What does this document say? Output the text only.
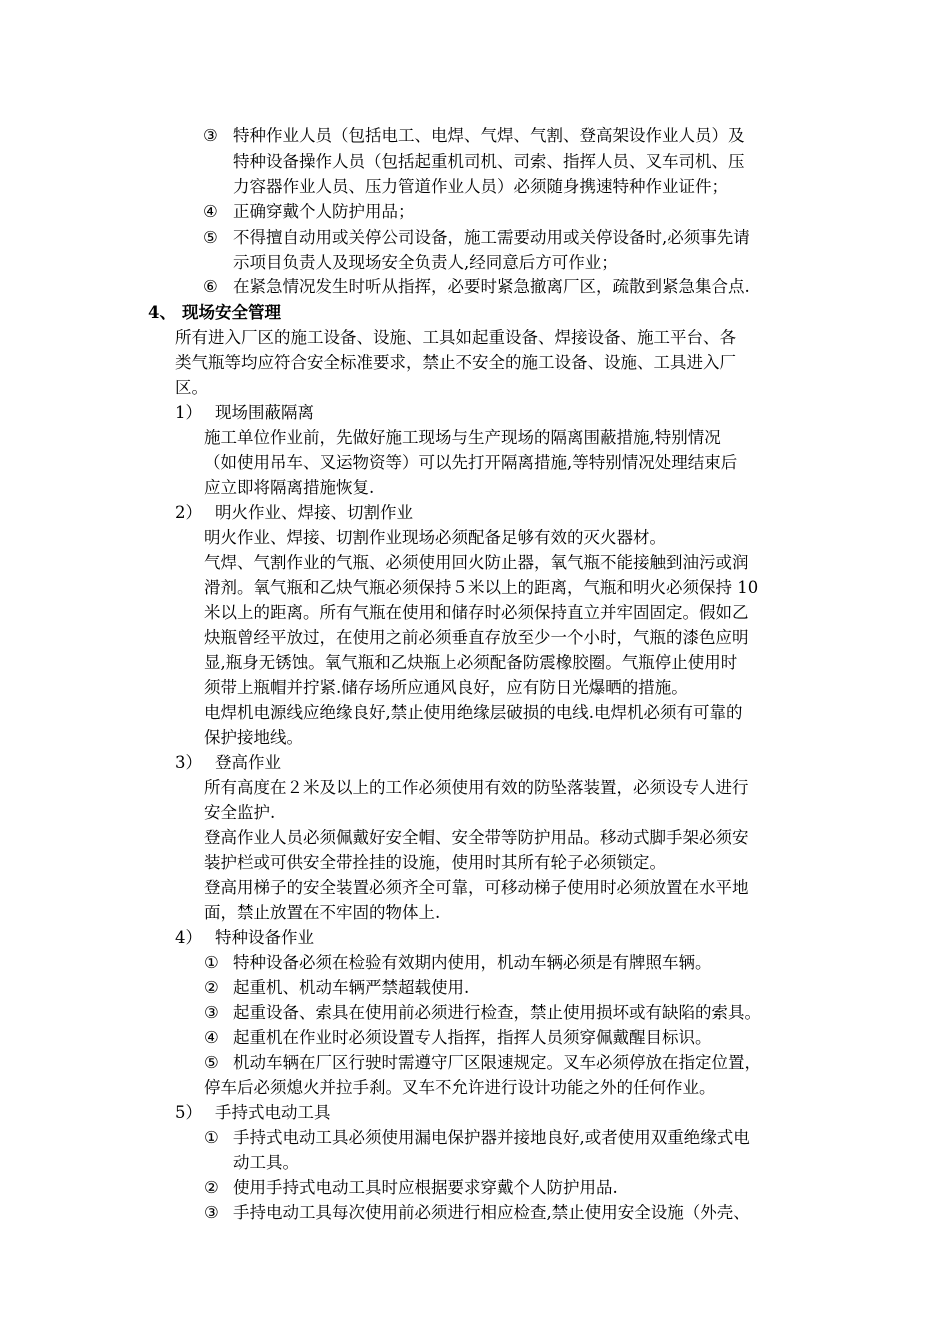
③ 特种作业人员（包括电工、电焊、气焊、气割、登高架设作业人员）及
特种设备操作人员（包括起重机司机、司索、指挥人员、叉车司机、压
力容器作业人员、压力管道作业人员）必须随身携速特种作业证件；
④ 正确穿戴个人防护用品；
⑤ 不得擅自动用或关停公司设备，施工需要动用或关停设备时,必须事先请
示项目负责人及现场安全负责人,经同意后方可作业；
⑥ 在紧急情况发生时听从指挥，必要时紧急撤离厂区，疏散到紧急集合点.
4、 现场安全管理
所有进入厂区的施工设备、设施、工具如起重设备、焊接设备、施工平台、各
类气瓶等均应符合安全标准要求，禁止不安全的施工设备、设施、工具进入厂
区。
1） 现场围蔽隔离
施工单位作业前，先做好施工现场与生产现场的隔离围蔽措施,特别情况
（如使用吊车、叉运物资等）可以先打开隔离措施,等特别情况处理结束后
应立即将隔离措施恢复.
2） 明火作业、焊接、切割作业
明火作业、焊接、切割作业现场必须配备足够有效的灭火器材。
气焊、气割作业的气瓶、必须使用回火防止器，氧气瓶不能接触到油污或润
滑剂。氧气瓶和乙炔气瓶必须保持５米以上的距离，气瓶和明火必须保持 10
米以上的距离。所有气瓶在使用和储存时必须保持直立并牢固固定。假如乙
炔瓶曾经平放过，在使用之前必须垂直存放至少一个小时，气瓶的漆色应明
显,瓶身无锈蚀。氧气瓶和乙炔瓶上必须配备防震橡胶圈。气瓶停止使用时
须带上瓶帽并拧紧.储存场所应通风良好，应有防日光爆晒的措施。
电焊机电源线应绝缘良好,禁止使用绝缘层破损的电线.电焊机必须有可靠的
保护接地线。
3） 登高作业
所有高度在２米及以上的工作必须使用有效的防坠落装置，必须设专人进行
安全监护.
登高作业人员必须佩戴好安全帽、安全带等防护用品。移动式脚手架必须安
装护栏或可供安全带拴挂的设施，使用时其所有轮子必须锁定。
登高用梯子的安全装置必须齐全可靠，可移动梯子使用时必须放置在水平地
面，禁止放置在不牢固的物体上.
4） 特种设备作业
① 特种设备必须在检验有效期内使用，机动车辆必须是有牌照车辆。
② 起重机、机动车辆严禁超载使用.
③ 起重设备、索具在使用前必须进行检查，禁止使用损坏或有缺陷的索具。
④ 起重机在作业时必须设置专人指挥，指挥人员须穿佩戴醒目标识。
⑤ 机动车辆在厂区行驶时需遵守厂区限速规定。叉车必须停放在指定位置，
停车后必须熄火并拉手刹。叉车不允许进行设计功能之外的任何作业。
5） 手持式电动工具
① 手持式电动工具必须使用漏电保护器并接地良好,或者使用双重绝缘式电
动工具。
② 使用手持式电动工具时应根据要求穿戴个人防护用品.
③ 手持电动工具每次使用前必须进行相应检查,禁止使用安全设施（外壳、
